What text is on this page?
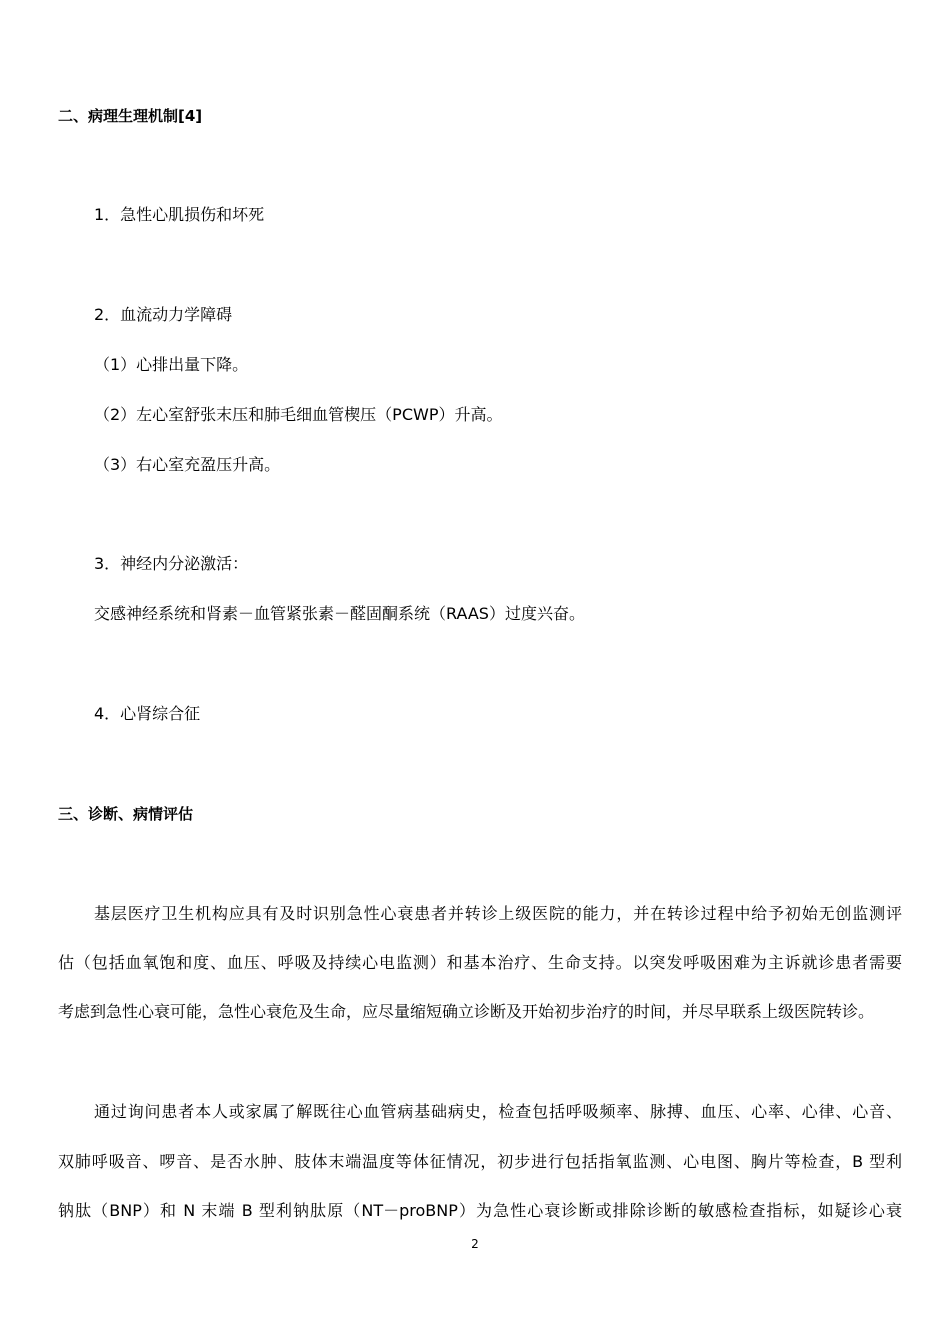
二、病理生理机制[4]
1．急性心肌损伤和坏死
2．血流动力学障碍
（1）心排出量下降。
（2）左心室舒张末压和肺毛细血管楔压（PCWP）升高。
（3）右心室充盈压升高。
3．神经内分泌激活：
交感神经系统和肾素－血管紧张素－醛固酮系统（RAAS）过度兴奋。
4．心肾综合征
三、诊断、病情评估
基层医疗卫生机构应具有及时识别急性心衰患者并转诊上级医院的能力，并在转诊过程中给予初始无创监测评
估（包括血氧饱和度、血压、呼吸及持续心电监测）和基本治疗、生命支持。以突发呼吸困难为主诉就诊患者需要
考虑到急性心衰可能，急性心衰危及生命，应尽量缩短确立诊断及开始初步治疗的时间，并尽早联系上级医院转诊。
通过询问患者本人或家属了解既往心血管病基础病史，检查包括呼吸频率、脉搏、血压、心率、心律、心音、
双肺呼吸音、啰音、是否水肿、肢体末端温度等体征情况，初步进行包括指氧监测、心电图、胸片等检查，B 型利
钠肽（BNP）和 N 末端 B 型利钠肽原（NT－proBNP）为急性心衰诊断或排除诊断的敏感检查指标，如疑诊心衰
2
